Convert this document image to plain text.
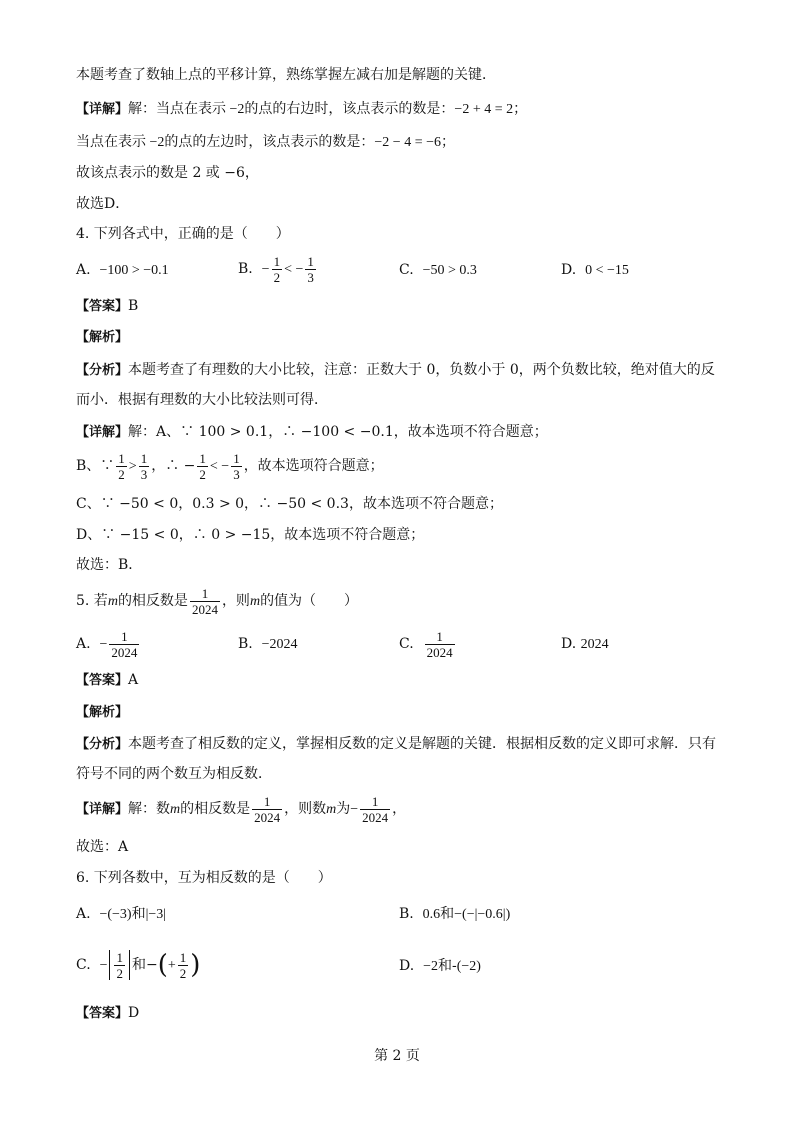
本题考查了数轴上点的平移计算，熟练掌握左减右加是解题的关键．
【详解】解：当点在表示 −2的点的右边时，该点表示的数是：−2 + 4 = 2；
当点在表示 −2的点的左边时，该点表示的数是：−2 − 4 = −6；
故该点表示的数是 2 或 −6，
故选D．
4. 下列各式中，正确的是（　　）
A. −100 > −0.1	B. − $\frac{1}{2}$ < − $\frac{1}{3}$	C. −50 > 0.3	D. 0 < −15
【答案】B
【解析】
【分析】本题考查了有理数的大小比较，注意：正数大于 0，负数小于 0，两个负数比较，绝对值大的反
而小．根据有理数的大小比较法则可得．
【详解】解：A、∵ 100 > 0.1，∴ −100 < −0.1，故本选项不符合题意；
B、∵ $\frac{1}{2} > \frac{1}{3}$ ，∴ − $\frac{1}{2}$ < − $\frac{1}{3}$ ，故本选项符合题意；
C、∵ −50 < 0，0.3 > 0，∴ −50 < 0.3，故本选项不符合题意；
D、∵ −15 < 0，∴ 0 > −15，故本选项不符合题意；
故选：B．
5. 若m的相反数是 $\frac{1}{2024}$ ，则m的值为（　　）
A. − $\frac{1}{2024}$	B. −2024	C. $\frac{1}{2024}$	D. 2024
【答案】A
【解析】
【分析】本题考查了相反数的定义，掌握相反数的定义是解题的关键．根据相反数的定义即可求解．只有
符号不同的两个数互为相反数．
【详解】解：数m的相反数是 $\frac{1}{2024}$ ，则数m为− $\frac{1}{2024}$ ，
故选：A
6. 下列各数中，互为相反数的是（　　）
A. −(−3)和|−3|	B. 0.6和−(−|−0.6|)
C. − $\frac{1}{2}$ 和−(+ $\frac{1}{2}$ )	D. −2和-(−2)
【答案】D
第 2 页
